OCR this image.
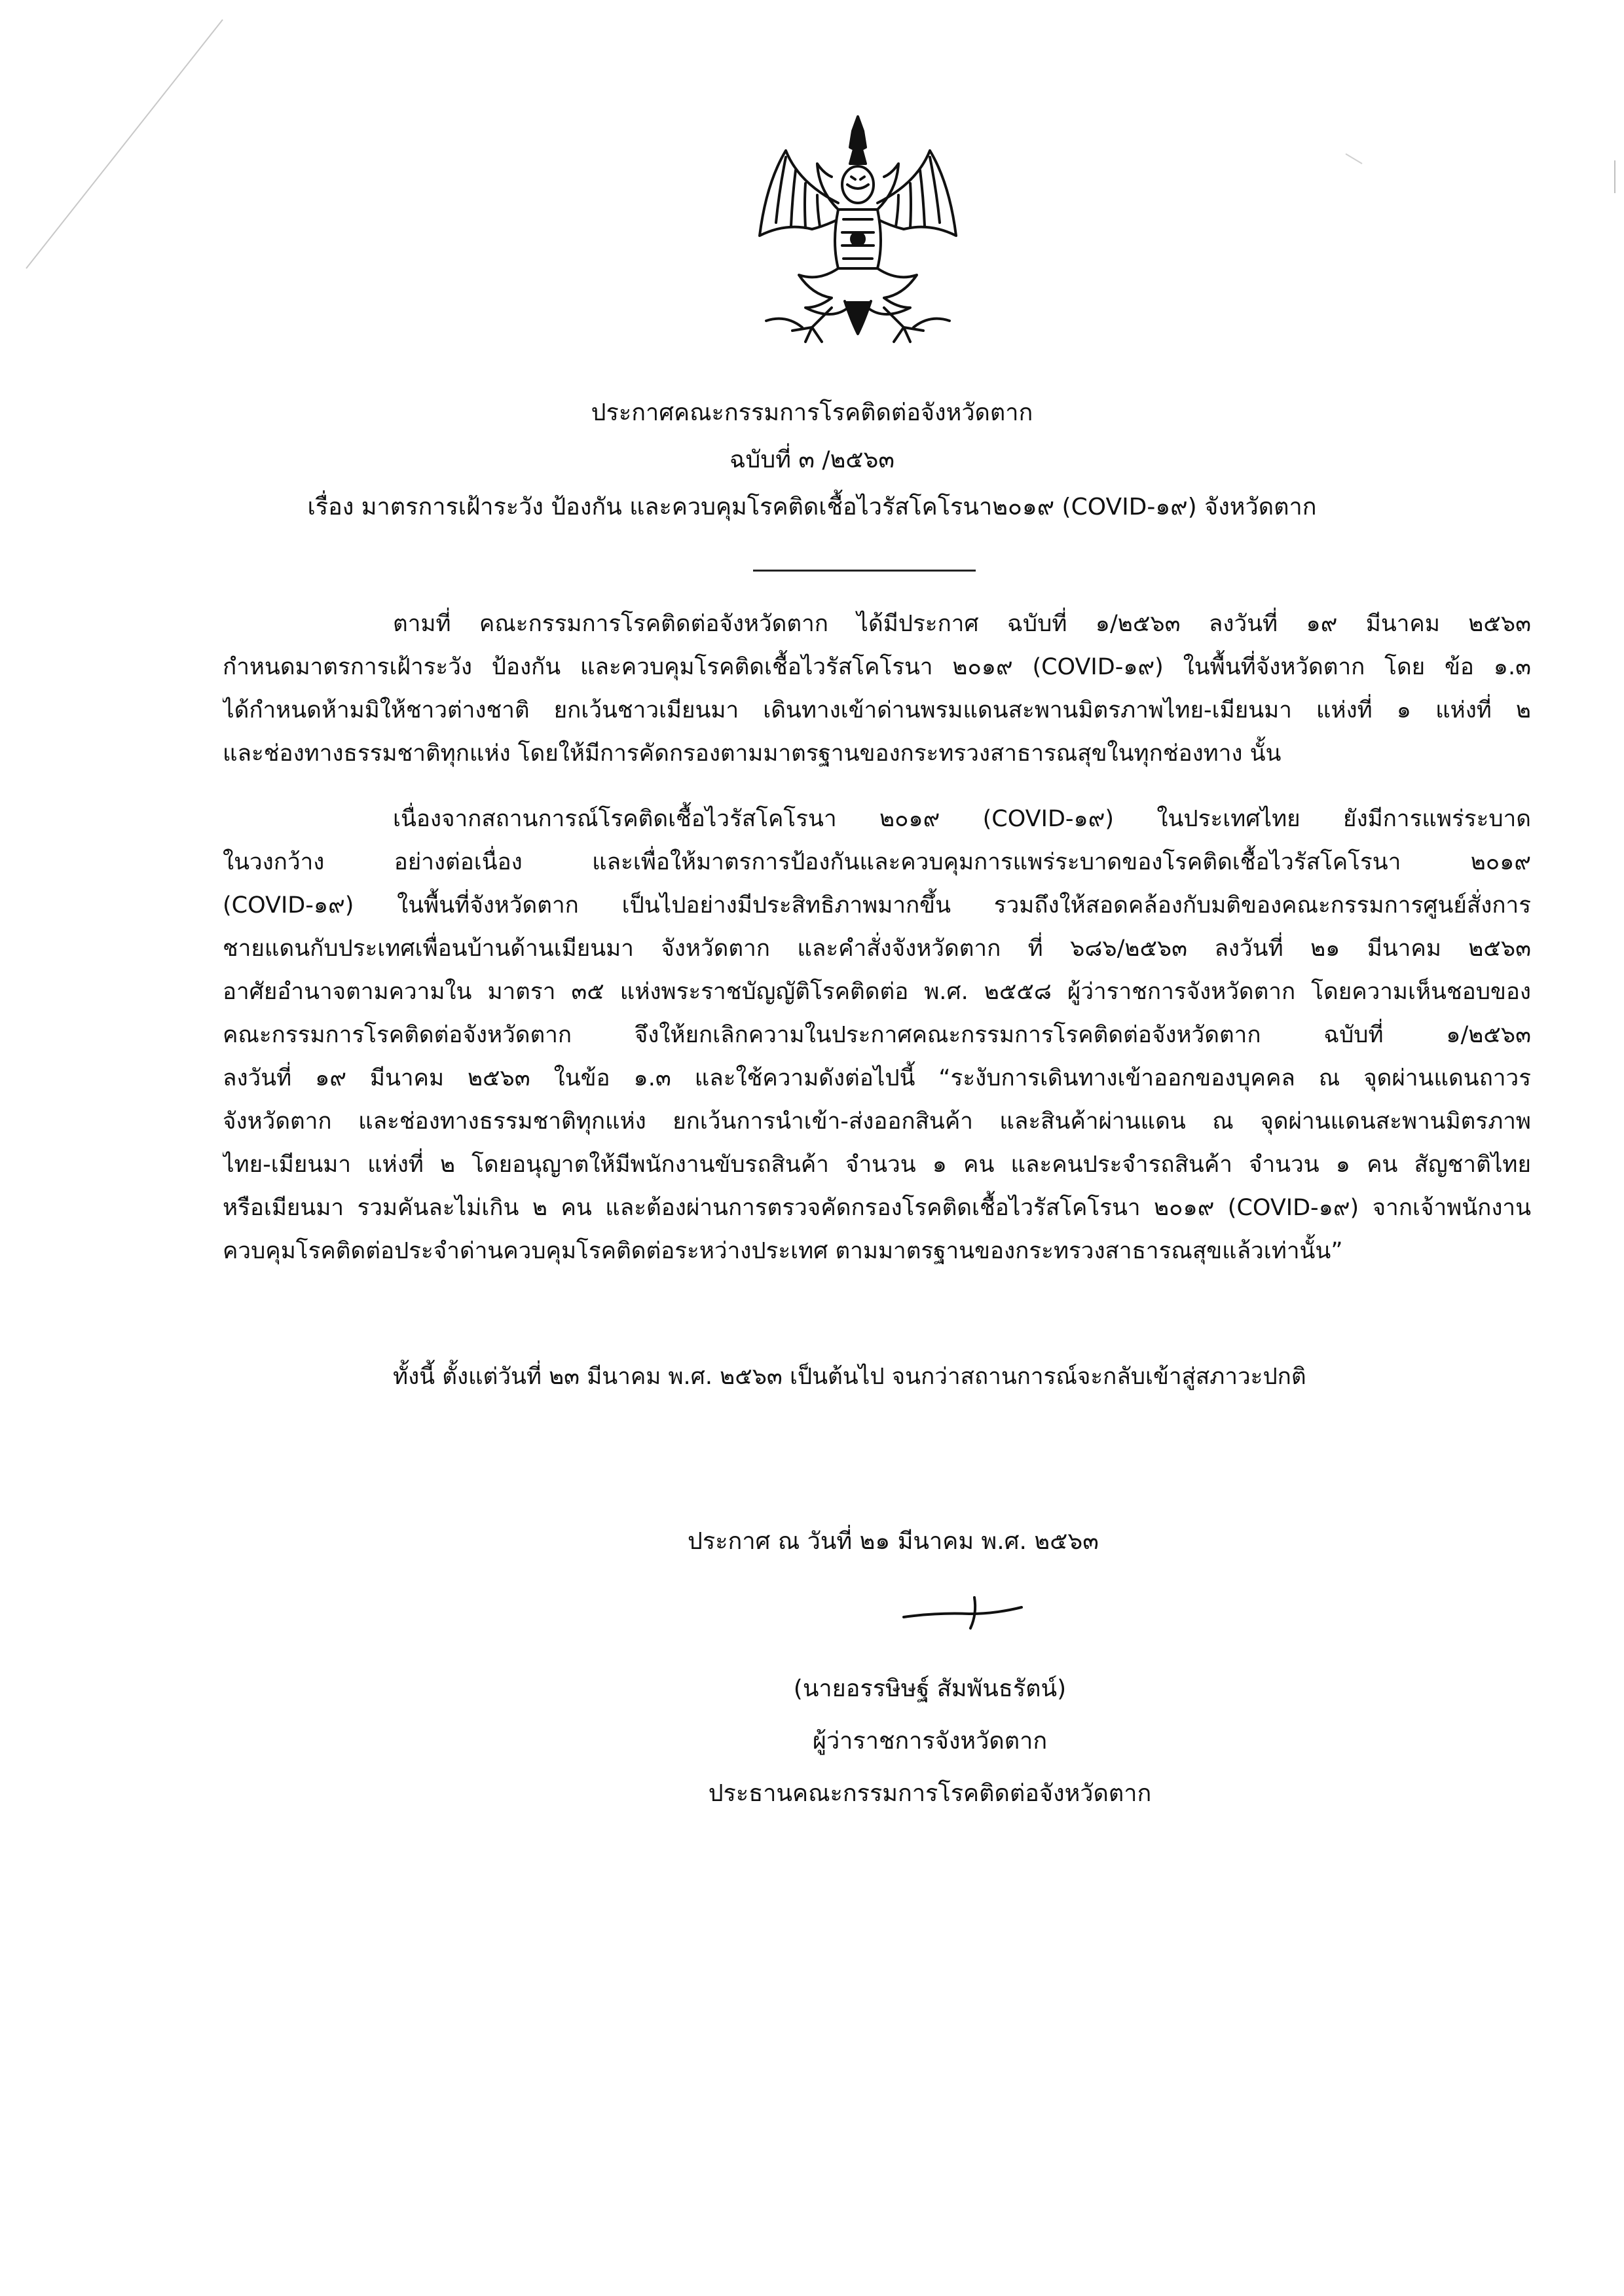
ประกาศคณะกรรมการโรคติดต่อจังหวัดตาก
ฉบับที่ ๓ /๒๕๖๓
เรื่อง มาตรการเฝ้าระวัง ป้องกัน และควบคุมโรคติดเชื้อไวรัสโคโรนา๒๐๑๙ (COVID-๑๙) จังหวัดตาก
ตามที่ คณะกรรมการโรคติดต่อจังหวัดตาก ได้มีประกาศ ฉบับที่ ๑/๒๕๖๓ ลงวันที่ ๑๙ มีนาคม ๒๕๖๓
กำหนดมาตรการเฝ้าระวัง ป้องกัน และควบคุมโรคติดเชื้อไวรัสโคโรนา ๒๐๑๙ (COVID-๑๙) ในพื้นที่จังหวัดตาก โดย ข้อ ๑.๓
ได้กำหนดห้ามมิให้ชาวต่างชาติ ยกเว้นชาวเมียนมา เดินทางเข้าด่านพรมแดนสะพานมิตรภาพไทย-เมียนมา แห่งที่ ๑ แห่งที่ ๒
และช่องทางธรรมชาติทุกแห่ง โดยให้มีการคัดกรองตามมาตรฐานของกระทรวงสาธารณสุขในทุกช่องทาง นั้น
เนื่องจากสถานการณ์โรคติดเชื้อไวรัสโคโรนา ๒๐๑๙ (COVID-๑๙) ในประเทศไทย ยังมีการแพร่ระบาด
ในวงกว้าง อย่างต่อเนื่อง และเพื่อให้มาตรการป้องกันและควบคุมการแพร่ระบาดของโรคติดเชื้อไวรัสโคโรนา ๒๐๑๙
(COVID-๑๙) ในพื้นที่จังหวัดตาก เป็นไปอย่างมีประสิทธิภาพมากขึ้น รวมถึงให้สอดคล้องกับมติของคณะกรรมการศูนย์สั่งการ
ชายแดนกับประเทศเพื่อนบ้านด้านเมียนมา จังหวัดตาก และคำสั่งจังหวัดตาก ที่ ๖๘๖/๒๕๖๓ ลงวันที่ ๒๑ มีนาคม ๒๕๖๓
อาศัยอำนาจตามความใน มาตรา ๓๕ แห่งพระราชบัญญัติโรคติดต่อ พ.ศ. ๒๕๕๘ ผู้ว่าราชการจังหวัดตาก โดยความเห็นชอบของ
คณะกรรมการโรคติดต่อจังหวัดตาก จึงให้ยกเลิกความในประกาศคณะกรรมการโรคติดต่อจังหวัดตาก ฉบับที่ ๑/๒๕๖๓
ลงวันที่ ๑๙ มีนาคม ๒๕๖๓ ในข้อ ๑.๓ และใช้ความดังต่อไปนี้ “ระงับการเดินทางเข้าออกของบุคคล ณ จุดผ่านแดนถาวร
จังหวัดตาก และช่องทางธรรมชาติทุกแห่ง ยกเว้นการนำเข้า-ส่งออกสินค้า และสินค้าผ่านแดน ณ จุดผ่านแดนสะพานมิตรภาพ
ไทย-เมียนมา แห่งที่ ๒ โดยอนุญาตให้มีพนักงานขับรถสินค้า จำนวน ๑ คน และคนประจำรถสินค้า จำนวน ๑ คน สัญชาติไทย
หรือเมียนมา รวมคันละไม่เกิน ๒ คน และต้องผ่านการตรวจคัดกรองโรคติดเชื้อไวรัสโคโรนา ๒๐๑๙ (COVID-๑๙) จากเจ้าพนักงาน
ควบคุมโรคติดต่อประจำด่านควบคุมโรคติดต่อระหว่างประเทศ ตามมาตรฐานของกระทรวงสาธารณสุขแล้วเท่านั้น”
ทั้งนี้ ตั้งแต่วันที่ ๒๓ มีนาคม พ.ศ. ๒๕๖๓ เป็นต้นไป จนกว่าสถานการณ์จะกลับเข้าสู่สภาวะปกติ
ประกาศ ณ วันที่ ๒๑ มีนาคม พ.ศ. ๒๕๖๓
(นายอรรษิษฐ์ สัมพันธรัตน์)
ผู้ว่าราชการจังหวัดตาก
ประธานคณะกรรมการโรคติดต่อจังหวัดตาก
